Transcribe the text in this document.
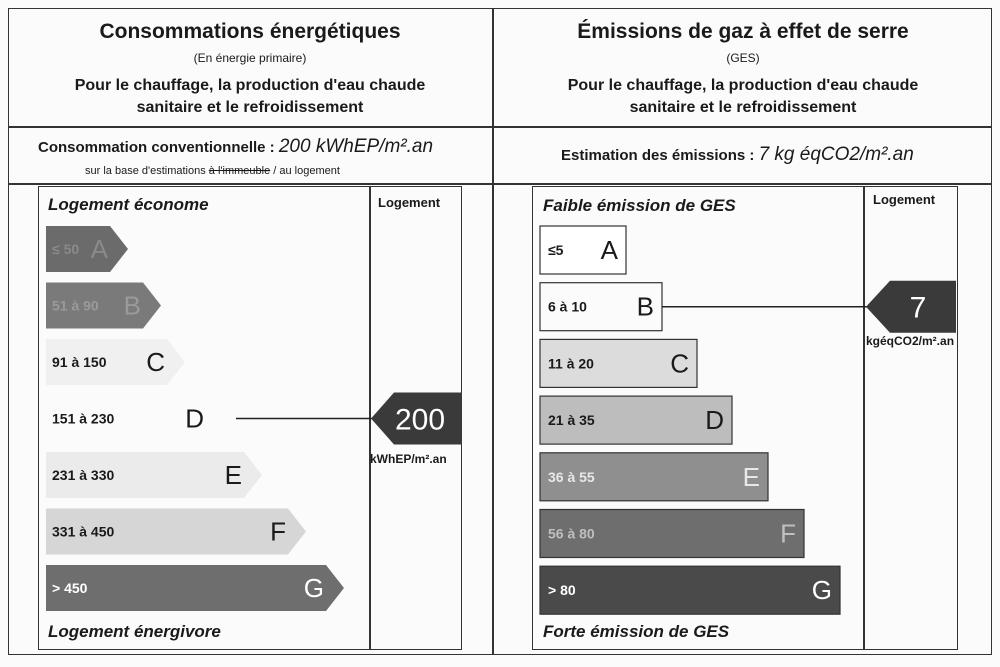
Consommations énergétiques
(En énergie primaire)
Pour le chauffage, la production d'eau chaude
sanitaire et le refroidissement
Consommation conventionnelle : 200 kWhEP/m².an
sur la base d'estimations à l'immeuble / au logement
Émissions de gaz à effet de serre
(GES)
Pour le chauffage, la production d'eau chaude
sanitaire et le refroidissement
Estimation des émissions : 7 kg éqCO2/m².an
Logement économe
Logement énergivore
Logement
kWhEP/m².an
≤ 50 A
51 à 90 B
91 à 150 C
151 à 230	D
231 à 330	E
331 à 450	F
> 450	G
200
Faible émission de GES
Forte émission de GES
Logement
kgéqCO2/m².an
≤5 A
6 à 10 B
11 à 20	C
21 à 35	D
36 à 55	E
56 à 80	F
> 80	G
7
